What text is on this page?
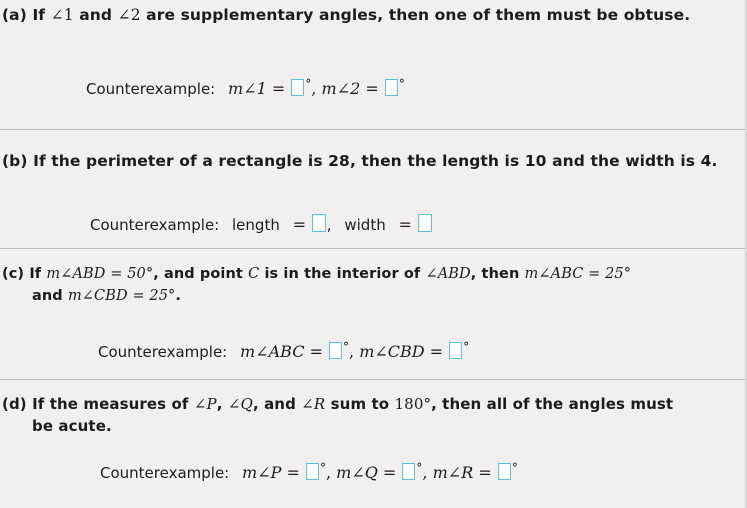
(a) If ∠1 and ∠2 are supplementary angles, then one of them must be obtuse.
Counterexample: m∠1 = °, m∠2 = °
(b) If the perimeter of a rectangle is 28, then the length is 10 and the width is 4.
Counterexample: length = , width =
(c) If m∠ABD = 50°, and point C is in the interior of ∠ABD, then m∠ABC = 25°
and m∠CBD = 25°.
Counterexample: m∠ABC = °, m∠CBD = °
(d) If the measures of ∠P, ∠Q, and ∠R sum to 180°, then all of the angles must
be acute.
Counterexample: m∠P = °, m∠Q = °, m∠R = °
